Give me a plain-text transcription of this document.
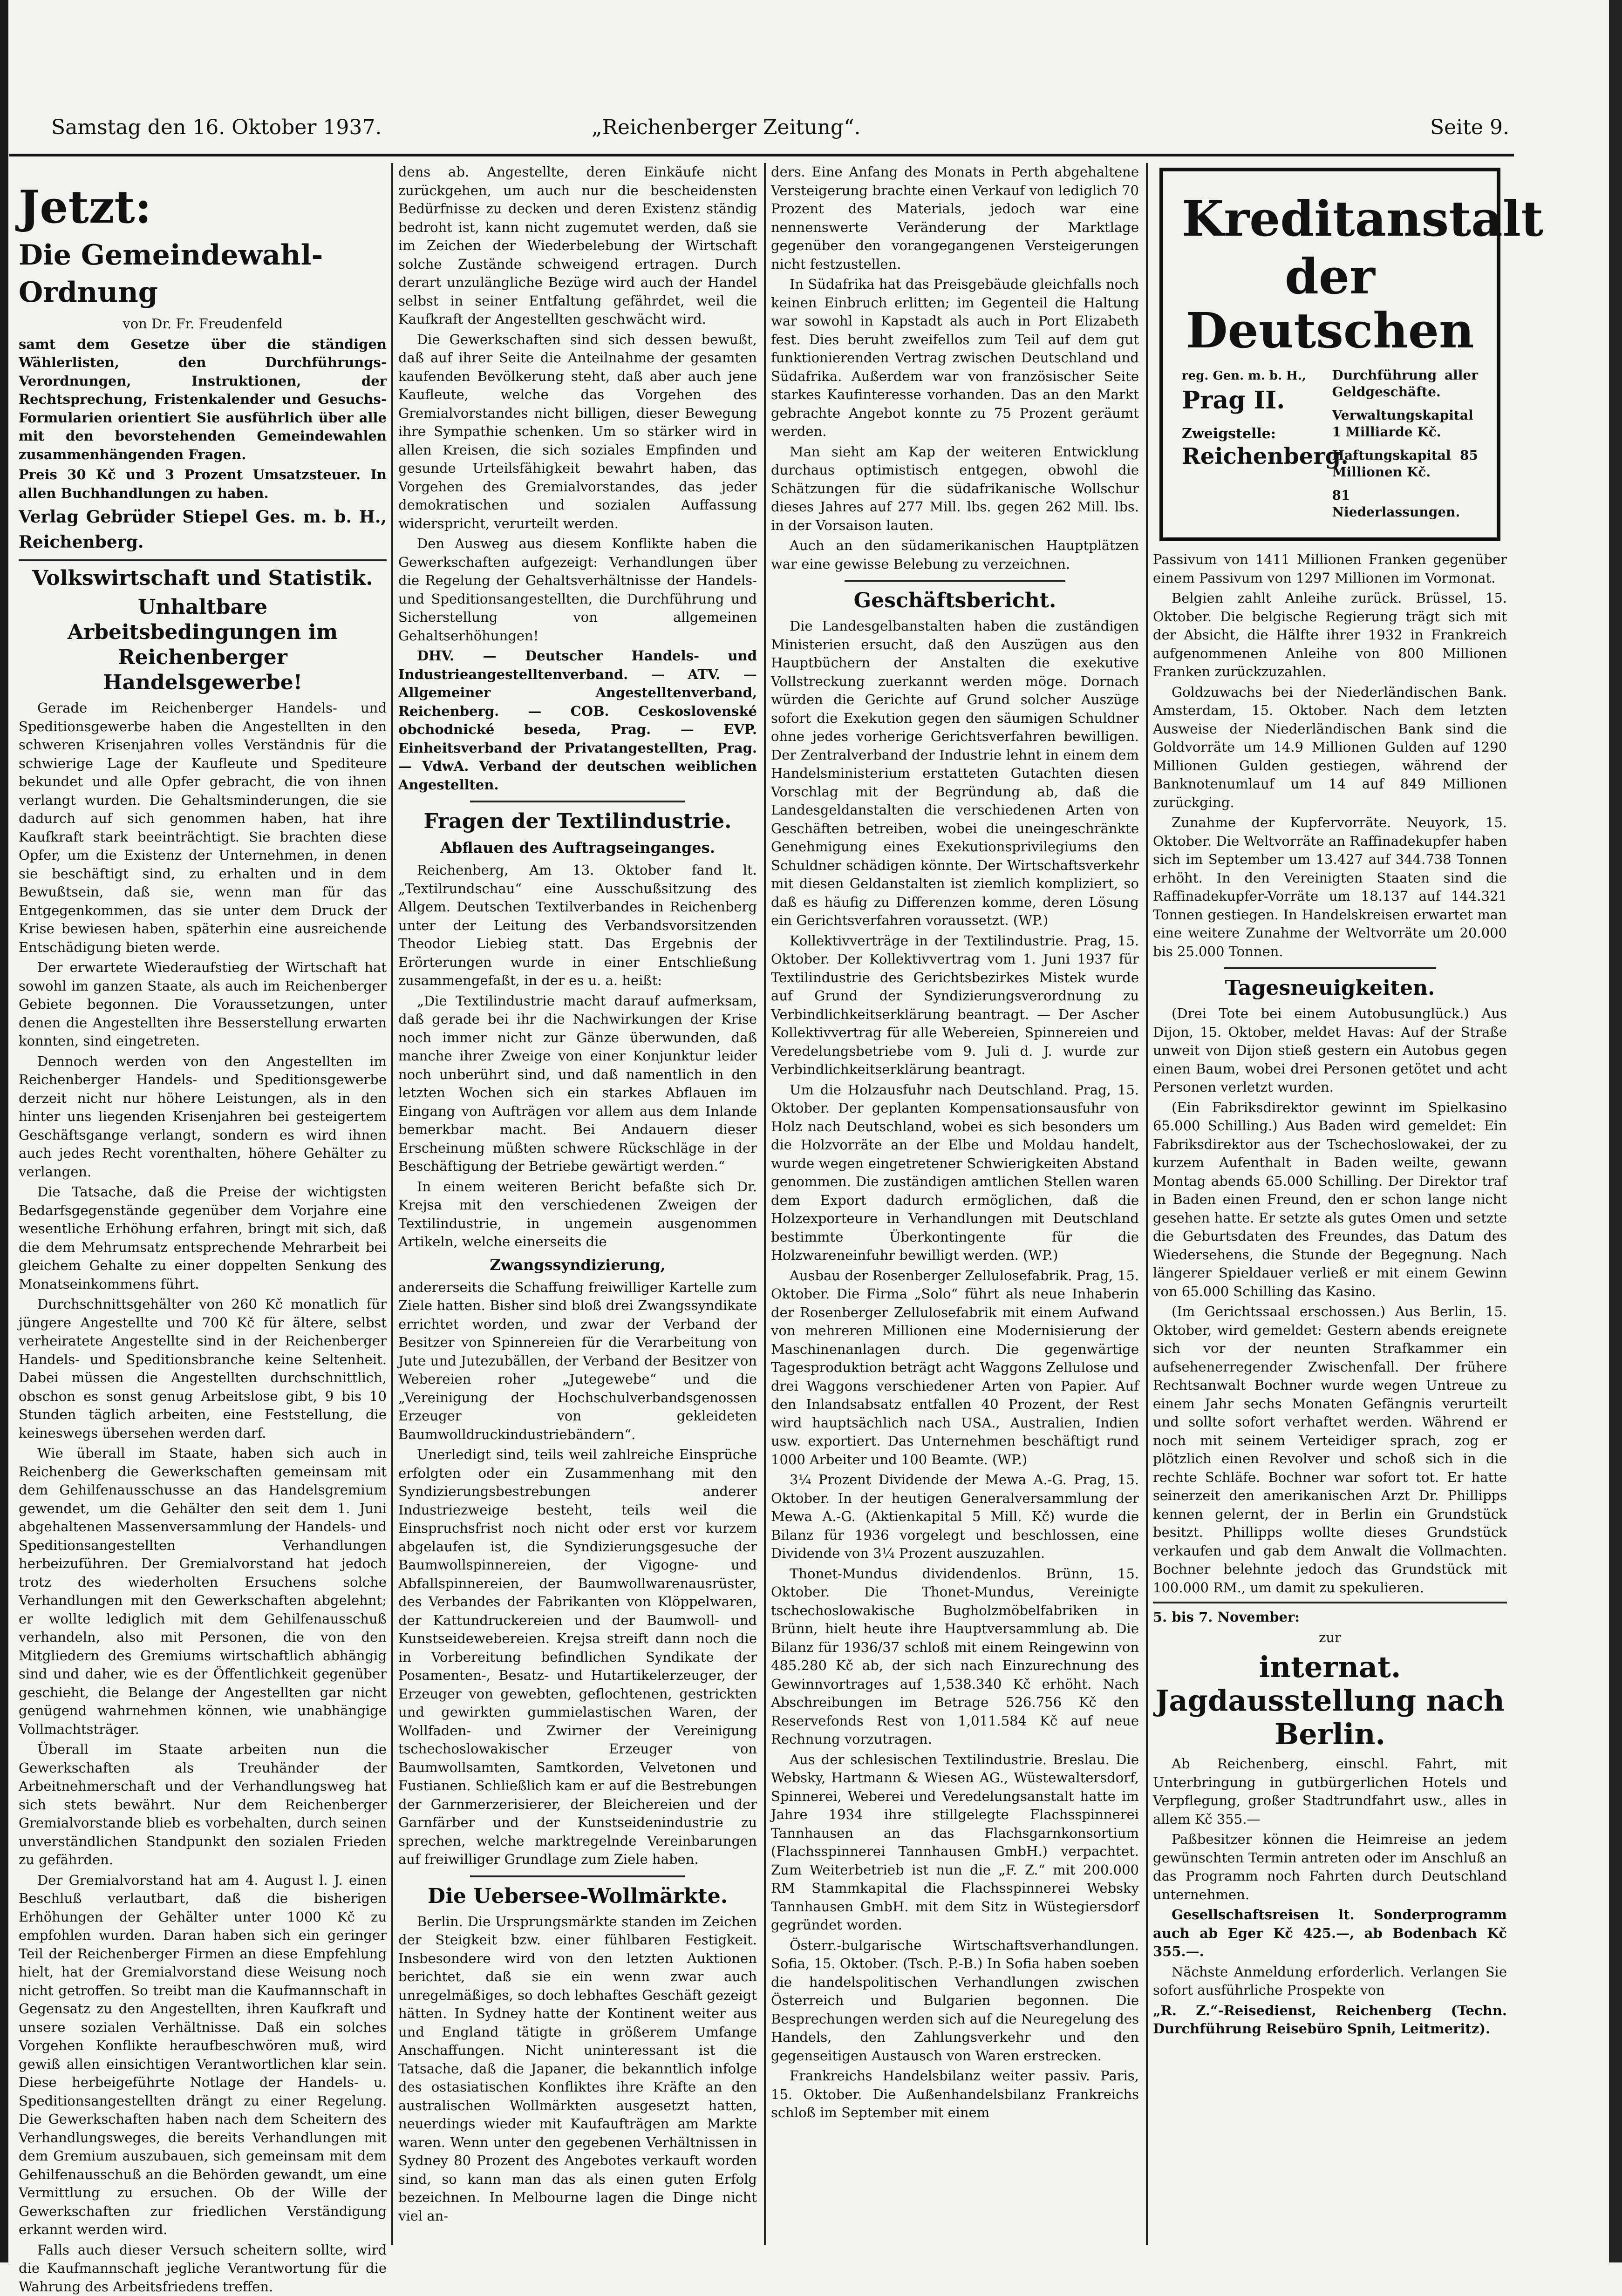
Samstag den 16. Oktober 1937.	„Reichenberger Zeitung“.	Seite 9.
Jetzt:
Die Gemeindewahl-Ordnung

von Dr. Fr. Freudenfeld

samt dem Gesetze über die ständigen Wählerlisten, den Durchführungs-Verordnungen, Instruktionen, der Rechtsprechung, Fristenkalender und Gesuchs-Formularien orientiert Sie ausführlich über alle mit den bevorstehenden Gemeindewahlen zusammenhängenden Fragen.

Preis 30 Kč und 3 Prozent Umsatzsteuer. In allen Buchhandlungen zu haben.

Verlag Gebrüder Stiepel Ges. m. b. H., Reichenberg.

Volkswirtschaft und Statistik.
Unhaltbare Arbeitsbedingungen im Reichenberger Handelsgewerbe!

Gerade im Reichenberger Handels- und Speditionsgewerbe haben die Angestellten in den schweren Krisenjahren volles Verständnis für die schwierige Lage der Kaufleute und Spediteure bekundet und alle Opfer gebracht, die von ihnen verlangt wurden. Die Gehaltsminderungen, die sie dadurch auf sich genommen haben, hat ihre Kaufkraft stark beeinträchtigt. Sie brachten diese Opfer, um die Existenz der Unternehmen, in denen sie beschäftigt sind, zu erhalten und in dem Bewußtsein, daß sie, wenn man für das Entgegenkommen, das sie unter dem Druck der Krise bewiesen haben, späterhin eine ausreichende Entschädigung bieten werde.

Der erwartete Wiederaufstieg der Wirtschaft hat sowohl im ganzen Staate, als auch im Reichenberger Gebiete begonnen. Die Voraussetzungen, unter denen die Angestellten ihre Besserstellung erwarten konnten, sind eingetreten.

Dennoch werden von den Angestellten im Reichenberger Handels- und Speditionsgewerbe derzeit nicht nur höhere Leistungen, als in den hinter uns liegenden Krisenjahren bei gesteigertem Geschäftsgange verlangt, sondern es wird ihnen auch jedes Recht vorenthalten, höhere Gehälter zu verlangen.

Die Tatsache, daß die Preise der wichtigsten Bedarfsgegenstände gegenüber dem Vorjahre eine wesentliche Erhöhung erfahren, bringt mit sich, daß die dem Mehrumsatz entsprechende Mehrarbeit bei gleichem Gehalte zu einer doppelten Senkung des Monatseinkommens führt.

Durchschnittsgehälter von 260 Kč monatlich für jüngere Angestellte und 700 Kč für ältere, selbst verheiratete Angestellte sind in der Reichenberger Handels- und Speditionsbranche keine Seltenheit. Dabei müssen die Angestellten durchschnittlich, obschon es sonst genug Arbeitslose gibt, 9 bis 10 Stunden täglich arbeiten, eine Feststellung, die keineswegs übersehen werden darf.

Wie überall im Staate, haben sich auch in Reichenberg die Gewerkschaften gemeinsam mit dem Gehilfenausschusse an das Handelsgremium gewendet, um die Gehälter den seit dem 1. Juni abgehaltenen Massenversammlung der Handels- und Speditionsangestellten Verhandlungen herbeizuführen. Der Gremialvorstand hat jedoch trotz des wiederholten Ersuchens solche Verhandlungen mit den Gewerkschaften abgelehnt; er wollte lediglich mit dem Gehilfenausschuß verhandeln, also mit Personen, die von den Mitgliedern des Gremiums wirtschaftlich abhängig sind und daher, wie es der Öffentlichkeit gegenüber geschieht, die Belange der Angestellten gar nicht genügend wahrnehmen können, wie unabhängige Vollmachtsträger.

Überall im Staate arbeiten nun die Gewerkschaften als Treuhänder der Arbeitnehmerschaft und der Verhandlungsweg hat sich stets bewährt. Nur dem Reichenberger Gremialvorstande blieb es vorbehalten, durch seinen unverständlichen Standpunkt den sozialen Frieden zu gefährden.

Der Gremialvorstand hat am 4. August l. J. einen Beschluß verlautbart, daß die bisherigen Erhöhungen der Gehälter unter 1000 Kč zu empfohlen wurden. Daran haben sich ein geringer Teil der Reichenberger Firmen an diese Empfehlung hielt, hat der Gremialvorstand diese Weisung noch nicht getroffen. So treibt man die Kaufmannschaft in Gegensatz zu den Angestellten, ihren Kaufkraft und unsere sozialen Verhältnisse. Daß ein solches Vorgehen Konflikte heraufbeschwören muß, wird gewiß allen einsichtigen Verantwortlichen klar sein. Diese herbeigeführte Notlage der Handels- u. Speditionsangestellten drängt zu einer Regelung. Die Gewerkschaften haben nach dem Scheitern des Verhandlungsweges, die bereits Verhandlungen mit dem Gremium auszubauen, sich gemeinsam mit dem Gehilfenausschuß an die Behörden gewandt, um eine Vermittlung zu ersuchen. Ob der Wille der Gewerkschaften zur friedlichen Verständigung erkannt werden wird.

Falls auch dieser Versuch scheitern sollte, wird die Kaufmannschaft jegliche Verantwortung für die Wahrung des Arbeitsfriedens treffen.

dens ab. Angestellte, deren Einkäufe nicht zurückgehen, um auch nur die bescheidensten Bedürfnisse zu decken und deren Existenz ständig bedroht ist, kann nicht zugemutet werden, daß sie im Zeichen der Wiederbelebung der Wirtschaft solche Zustände schweigend ertragen. Durch derart unzulängliche Bezüge wird auch der Handel selbst in seiner Entfaltung gefährdet, weil die Kaufkraft der Angestellten geschwächt wird.

Die Gewerkschaften sind sich dessen bewußt, daß auf ihrer Seite die Anteilnahme der gesamten kaufenden Bevölkerung steht, daß aber auch jene Kaufleute, welche das Vorgehen des Gremialvorstandes nicht billigen, dieser Bewegung ihre Sympathie schenken. Um so stärker wird in allen Kreisen, die sich soziales Empfinden und gesunde Urteilsfähigkeit bewahrt haben, das Vorgehen des Gremialvorstandes, das jeder demokratischen und sozialen Auffassung widerspricht, verurteilt werden.

Den Ausweg aus diesem Konflikte haben die Gewerkschaften aufgezeigt: Verhandlungen über die Regelung der Gehaltsverhältnisse der Handels- und Speditionsangestellten, die Durchführung und Sicherstellung von allgemeinen Gehaltserhöhungen!

DHV. — Deutscher Handels- und Industrieangestelltenverband. — ATV. — Allgemeiner Angestelltenverband, Reichenberg. — COB. Ceskoslovenské obchodnické beseda, Prag. — EVP. Einheitsverband der Privatangestellten, Prag. — VdwA. Verband der deutschen weiblichen Angestellten.

Fragen der Textilindustrie.
Abflauen des Auftragseinganges.

Reichenberg, Am 13. Oktober fand lt. „Textilrundschau“ eine Ausschußsitzung des Allgem. Deutschen Textilverbandes in Reichenberg unter der Leitung des Verbandsvorsitzenden Theodor Liebieg statt. Das Ergebnis der Erörterungen wurde in einer Entschließung zusammengefaßt, in der es u. a. heißt:

„Die Textilindustrie macht darauf aufmerksam, daß gerade bei ihr die Nachwirkungen der Krise noch immer nicht zur Gänze überwunden, daß manche ihrer Zweige von einer Konjunktur leider noch unberührt sind, und daß namentlich in den letzten Wochen sich ein starkes Abflauen im Eingang von Aufträgen vor allem aus dem Inlande bemerkbar macht. Bei Andauern dieser Erscheinung müßten schwere Rückschläge in der Beschäftigung der Betriebe gewärtigt werden.“

In einem weiteren Bericht befaßte sich Dr. Krejsa mit den verschiedenen Zweigen der Textilindustrie, in ungemein ausgenommen Artikeln, welche einerseits die

Zwangssyndizierung,

andererseits die Schaffung freiwilliger Kartelle zum Ziele hatten. Bisher sind bloß drei Zwangssyndikate errichtet worden, und zwar der Verband der Besitzer von Spinnereien für die Verarbeitung von Jute und Jutezubällen, der Verband der Besitzer von Webereien roher „Jutegewebe“ und die „Vereinigung der Hochschulverbandsgenossen Erzeuger von gekleideten Baumwolldruckindustriebändern“.

Unerledigt sind, teils weil zahlreiche Einsprüche erfolgten oder ein Zusammenhang mit den Syndizierungsbestrebungen anderer Industriezweige besteht, teils weil die Einspruchsfrist noch nicht oder erst vor kurzem abgelaufen ist, die Syndizierungsgesuche der Baumwollspinnereien, der Vigogne- und Abfallspinnereien, der Baumwollwarenausrüster, des Verbandes der Fabrikanten von Klöppelwaren, der Kattundruckereien und der Baumwoll- und Kunstseidewebereien. Krejsa streift dann noch die in Vorbereitung befindlichen Syndikate der Posamenten-, Besatz- und Hutartikelerzeuger, der Erzeuger von gewebten, geflochtenen, gestrickten und gewirkten gummielastischen Waren, der Wollfaden- und Zwirner der Vereinigung tschechoslowakischer Erzeuger von Baumwollsamten, Samtkorden, Velvetonen und Fustianen. Schließlich kam er auf die Bestrebungen der Garnmerzerisierer, der Bleichereien und der Garnfärber und der Kunstseidenindustrie zu sprechen, welche marktregelnde Vereinbarungen auf freiwilliger Grundlage zum Ziele haben.

Die Uebersee-Wollmärkte.

Berlin. Die Ursprungsmärkte standen im Zeichen der Steigkeit bzw. einer fühlbaren Festigkeit. Insbesondere wird von den letzten Auktionen berichtet, daß sie ein wenn zwar auch unregelmäßiges, so doch lebhaftes Geschäft gezeigt hätten. In Sydney hatte der Kontinent weiter aus und England tätigte in größerem Umfange Anschaffungen. Nicht uninteressant ist die Tatsache, daß die Japaner, die bekanntlich infolge des ostasiatischen Konfliktes ihre Kräfte an den australischen Wollmärkten ausgesetzt hatten, neuerdings wieder mit Kaufaufträgen am Markte waren. Wenn unter den gegebenen Verhältnissen in Sydney 80 Prozent des Angebotes verkauft worden sind, so kann man das als einen guten Erfolg bezeichnen. In Melbourne lagen die Dinge nicht viel an-

ders. Eine Anfang des Monats in Perth abgehaltene Versteigerung brachte einen Verkauf von lediglich 70 Prozent des Materials, jedoch war eine nennenswerte Veränderung der Marktlage gegenüber den vorangegangenen Versteigerungen nicht festzustellen.

In Südafrika hat das Preisgebäude gleichfalls noch keinen Einbruch erlitten; im Gegenteil die Haltung war sowohl in Kapstadt als auch in Port Elizabeth fest. Dies beruht zweifellos zum Teil auf dem gut funktionierenden Vertrag zwischen Deutschland und Südafrika. Außerdem war von französischer Seite starkes Kaufinteresse vorhanden. Das an den Markt gebrachte Angebot konnte zu 75 Prozent geräumt werden.

Man sieht am Kap der weiteren Entwicklung durchaus optimistisch entgegen, obwohl die Schätzungen für die südafrikanische Wollschur dieses Jahres auf 277 Mill. lbs. gegen 262 Mill. lbs. in der Vorsaison lauten.

Auch an den südamerikanischen Hauptplätzen war eine gewisse Belebung zu verzeichnen.

Geschäftsbericht.

Die Landesgelbanstalten haben die zuständigen Ministerien ersucht, daß den Auszügen aus den Hauptbüchern der Anstalten die exekutive Vollstreckung zuerkannt werden möge. Dornach würden die Gerichte auf Grund solcher Auszüge sofort die Exekution gegen den säumigen Schuldner ohne jedes vorherige Gerichtsverfahren bewilligen. Der Zentralverband der Industrie lehnt in einem dem Handelsministerium erstatteten Gutachten diesen Vorschlag mit der Begründung ab, daß die Landesgeldanstalten die verschiedenen Arten von Geschäften betreiben, wobei die uneingeschränkte Genehmigung eines Exekutionsprivilegiums den Schuldner schädigen könnte. Der Wirtschaftsverkehr mit diesen Geldanstalten ist ziemlich kompliziert, so daß es häufig zu Differenzen komme, deren Lösung ein Gerichtsverfahren voraussetzt. (WP.)

Kollektivverträge in der Textilindustrie. Prag, 15. Oktober. Der Kollektivvertrag vom 1. Juni 1937 für Textilindustrie des Gerichtsbezirkes Mistek wurde auf Grund der Syndizierungsverordnung zu Verbindlichkeitserklärung beantragt. — Der Ascher Kollektivvertrag für alle Webereien, Spinnereien und Veredelungsbetriebe vom 9. Juli d. J. wurde zur Verbindlichkeitserklärung beantragt.

Um die Holzausfuhr nach Deutschland. Prag, 15. Oktober. Der geplanten Kompensationsausfuhr von Holz nach Deutschland, wobei es sich besonders um die Holzvorräte an der Elbe und Moldau handelt, wurde wegen eingetretener Schwierigkeiten Abstand genommen. Die zuständigen amtlichen Stellen waren dem Export dadurch ermöglichen, daß die Holzexporteure in Verhandlungen mit Deutschland bestimmte Überkontingente für die Holzwareneinfuhr bewilligt werden. (WP.)

Ausbau der Rosenberger Zellulosefabrik. Prag, 15. Oktober. Die Firma „Solo“ führt als neue Inhaberin der Rosenberger Zellulosefabrik mit einem Aufwand von mehreren Millionen eine Modernisierung der Maschinenanlagen durch. Die gegenwärtige Tagesproduktion beträgt acht Waggons Zellulose und drei Waggons verschiedener Arten von Papier. Auf den Inlandsabsatz entfallen 40 Prozent, der Rest wird hauptsächlich nach USA., Australien, Indien usw. exportiert. Das Unternehmen beschäftigt rund 1000 Arbeiter und 100 Beamte. (WP.)

3¼ Prozent Dividende der Mewa A.-G. Prag, 15. Oktober. In der heutigen Generalversammlung der Mewa A.-G. (Aktienkapital 5 Mill. Kč) wurde die Bilanz für 1936 vorgelegt und beschlossen, eine Dividende von 3¼ Prozent auszuzahlen.

Thonet-Mundus dividendenlos. Brünn, 15. Oktober. Die Thonet-Mundus, Vereinigte tschechoslowakische Bugholzmöbelfabriken in Brünn, hielt heute ihre Hauptversammlung ab. Die Bilanz für 1936/37 schloß mit einem Reingewinn von 485.280 Kč ab, der sich nach Einzurechnung des Gewinnvortrages auf 1,538.340 Kč erhöht. Nach Abschreibungen im Betrage 526.756 Kč den Reservefonds Rest von 1,011.584 Kč auf neue Rechnung vorzutragen.

Aus der schlesischen Textilindustrie. Breslau. Die Websky, Hartmann & Wiesen AG., Wüstewaltersdorf, Spinnerei, Weberei und Veredelungsanstalt hatte im Jahre 1934 ihre stillgelegte Flachsspinnerei Tannhausen an das Flachsgarnkonsortium (Flachsspinnerei Tannhausen GmbH.) verpachtet. Zum Weiterbetrieb ist nun die „F. Z.“ mit 200.000 RM Stammkapital die Flachsspinnerei Websky Tannhausen GmbH. mit dem Sitz in Wüstegiersdorf gegründet worden.

Österr.-bulgarische Wirtschaftsverhandlungen. Sofia, 15. Oktober. (Tsch. P.-B.) In Sofia haben soeben die handelspolitischen Verhandlungen zwischen Österreich und Bulgarien begonnen. Die Besprechungen werden sich auf die Neuregelung des Handels, den Zahlungsverkehr und den gegenseitigen Austausch von Waren erstrecken.

Frankreichs Handelsbilanz weiter passiv. Paris, 15. Oktober. Die Außenhandelsbilanz Frankreichs schloß im September mit einem

Kreditanstalt
der Deutschen
reg. Gen. m. b. H.,
Prag II.
Zweigstelle:
Reichenberg.
Durchführung aller Geldgeschäfte.
Verwaltungskapital 1 Milliarde Kč.
Haftungskapital 85 Millionen Kč.
81 Niederlassungen.

Passivum von 1411 Millionen Franken gegenüber einem Passivum von 1297 Millionen im Vormonat.

Belgien zahlt Anleihe zurück. Brüssel, 15. Oktober. Die belgische Regierung trägt sich mit der Absicht, die Hälfte ihrer 1932 in Frankreich aufgenommenen Anleihe von 800 Millionen Franken zurückzuzahlen.

Goldzuwachs bei der Niederländischen Bank. Amsterdam, 15. Oktober. Nach dem letzten Ausweise der Niederländischen Bank sind die Goldvorräte um 14.9 Millionen Gulden auf 1290 Millionen Gulden gestiegen, während der Banknotenumlauf um 14 auf 849 Millionen zurückging.

Zunahme der Kupfervorräte. Neuyork, 15. Oktober. Die Weltvorräte an Raffinadekupfer haben sich im September um 13.427 auf 344.738 Tonnen erhöht. In den Vereinigten Staaten sind die Raffinadekupfer-Vorräte um 18.137 auf 144.321 Tonnen gestiegen. In Handelskreisen erwartet man eine weitere Zunahme der Weltvorräte um 20.000 bis 25.000 Tonnen.

Tagesneuigkeiten.

(Drei Tote bei einem Autobusunglück.) Aus Dijon, 15. Oktober, meldet Havas: Auf der Straße unweit von Dijon stieß gestern ein Autobus gegen einen Baum, wobei drei Personen getötet und acht Personen verletzt wurden.

(Ein Fabriksdirektor gewinnt im Spielkasino 65.000 Schilling.) Aus Baden wird gemeldet: Ein Fabriksdirektor aus der Tschechoslowakei, der zu kurzem Aufenthalt in Baden weilte, gewann Montag abends 65.000 Schilling. Der Direktor traf in Baden einen Freund, den er schon lange nicht gesehen hatte. Er setzte als gutes Omen und setzte die Geburtsdaten des Freundes, das Datum des Wiedersehens, die Stunde der Begegnung. Nach längerer Spieldauer verließ er mit einem Gewinn von 65.000 Schilling das Kasino.

(Im Gerichtssaal erschossen.) Aus Berlin, 15. Oktober, wird gemeldet: Gestern abends ereignete sich vor der neunten Strafkammer ein aufsehenerregender Zwischenfall. Der frühere Rechtsanwalt Bochner wurde wegen Untreue zu einem Jahr sechs Monaten Gefängnis verurteilt und sollte sofort verhaftet werden. Während er noch mit seinem Verteidiger sprach, zog er plötzlich einen Revolver und schoß sich in die rechte Schläfe. Bochner war sofort tot. Er hatte seinerzeit den amerikanischen Arzt Dr. Phillipps kennen gelernt, der in Berlin ein Grundstück besitzt. Phillipps wollte dieses Grundstück verkaufen und gab dem Anwalt die Vollmachten. Bochner belehnte jedoch das Grundstück mit 100.000 RM., um damit zu spekulieren.

5. bis 7. November:

zur

internat. Jagdausstellung nach Berlin.

Ab Reichenberg, einschl. Fahrt, mit Unterbringung in gutbürgerlichen Hotels und Verpflegung, großer Stadtrundfahrt usw., alles in allem Kč 355.—

Paßbesitzer können die Heimreise an jedem gewünschten Termin antreten oder im Anschluß an das Programm noch Fahrten durch Deutschland unternehmen.

Gesellschaftsreisen lt. Sonderprogramm auch ab Eger Kč 425.—, ab Bodenbach Kč 355.—.

Nächste Anmeldung erforderlich. Verlangen Sie sofort ausführliche Prospekte von

„R. Z.“-Reisedienst, Reichenberg (Techn. Durchführung Reisebüro Spnih, Leitmeritz).
